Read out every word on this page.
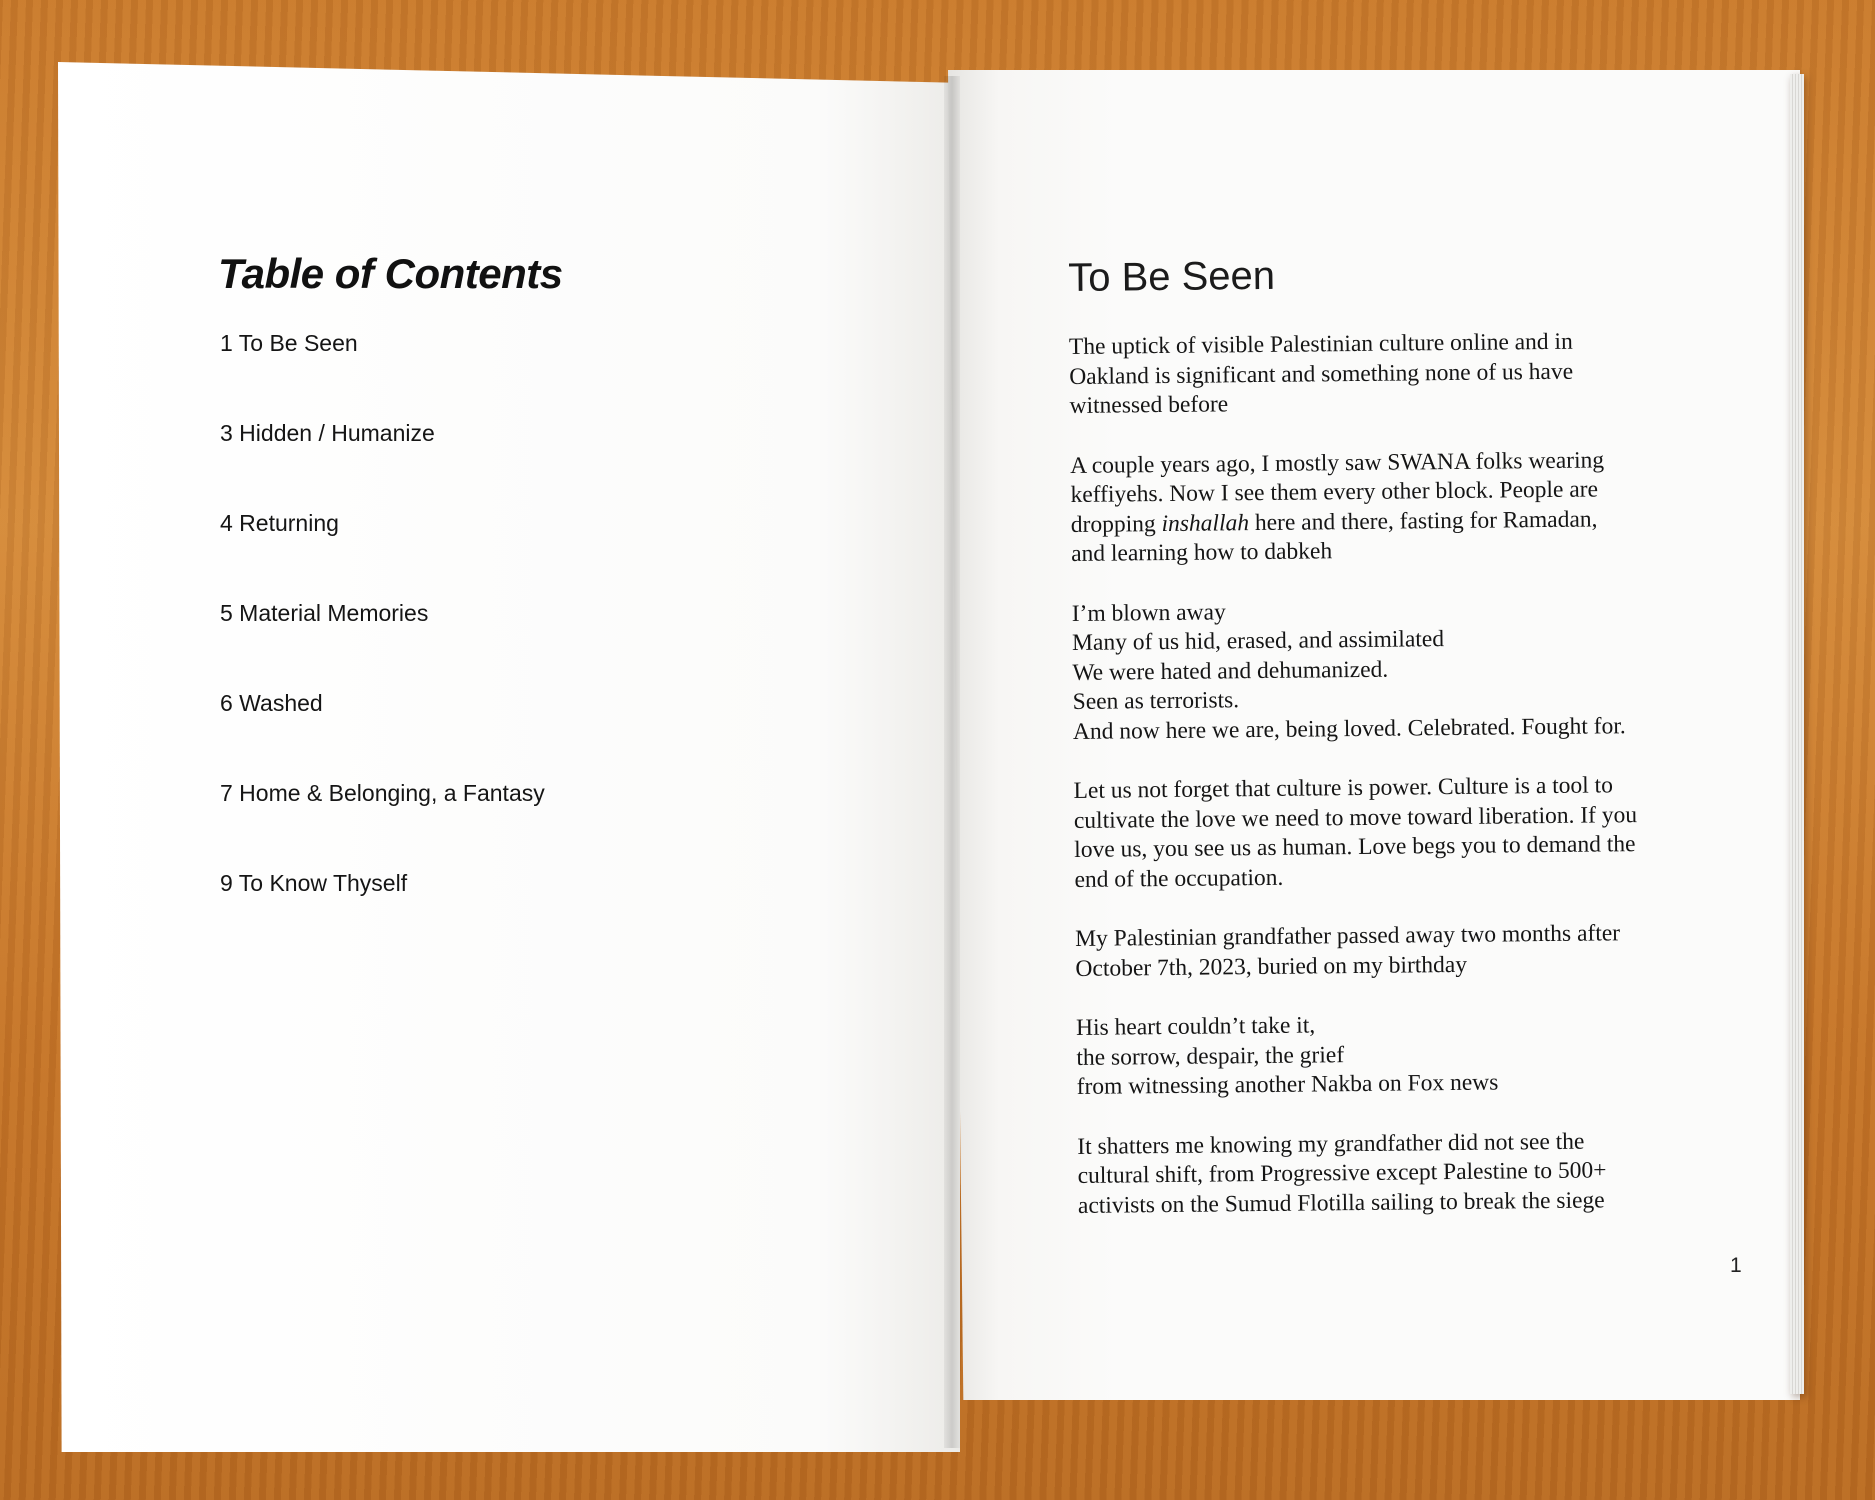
Table of Contents
1 To Be Seen
3 Hidden / Humanize
4 Returning
5 Material Memories
6 Washed
7 Home & Belonging, a Fantasy
9 To Know Thyself
To Be Seen

The uptick of visible Palestinian culture online and in
Oakland is significant and something none of us have
witnessed before

A couple years ago, I mostly saw SWANA folks wearing
keffiyehs. Now I see them every other block. People are
dropping inshallah here and there, fasting for Ramadan,
and learning how to dabkeh

I’m blown away
Many of us hid, erased, and assimilated
We were hated and dehumanized.
Seen as terrorists.
And now here we are, being loved. Celebrated. Fought for.

Let us not forget that culture is power. Culture is a tool to
cultivate the love we need to move toward liberation. If you
love us, you see us as human. Love begs you to demand the
end of the occupation.

My Palestinian grandfather passed away two months after
October 7th, 2023, buried on my birthday

His heart couldn’t take it,
the sorrow, despair, the grief
from witnessing another Nakba on Fox news

It shatters me knowing my grandfather did not see the
cultural shift, from Progressive except Palestine to 500+
activists on the Sumud Flotilla sailing to break the siege

1
